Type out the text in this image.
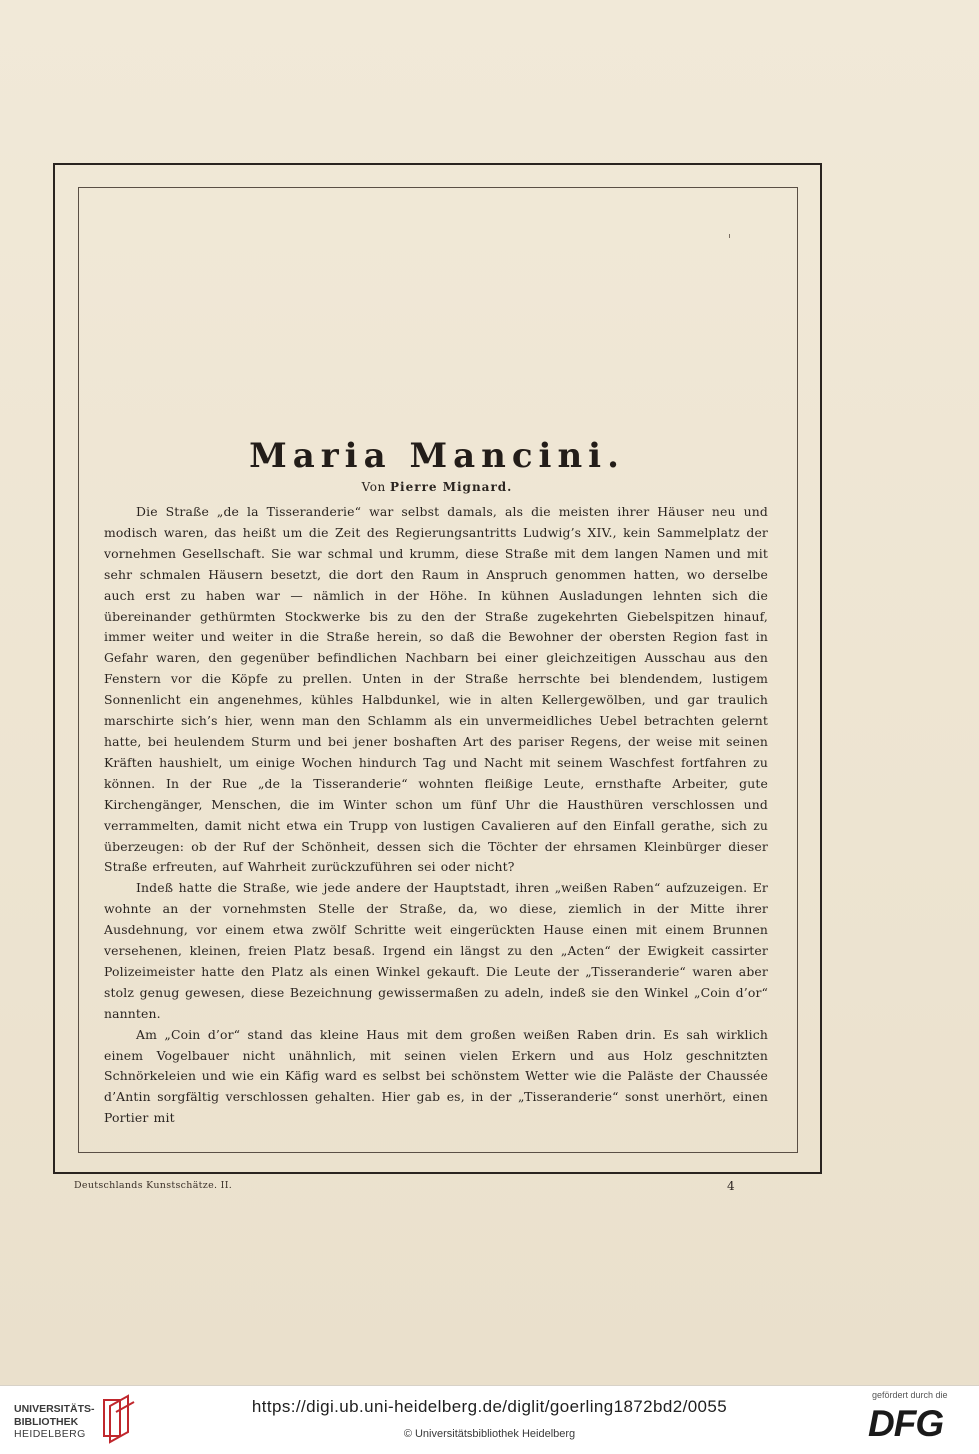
Maria Mancini.
Von Pierre Mignard.

Die Straße „de la Tisseranderie“ war selbst damals, als die meisten ihrer Häuser neu und modisch waren, das heißt um die Zeit des Regierungsantritts Ludwig’s XIV., kein Sammelplatz der vornehmen Gesellschaft. Sie war schmal und krumm, diese Straße mit dem langen Namen und mit sehr schmalen Häusern besetzt, die dort den Raum in Anspruch genommen hatten, wo derselbe auch erst zu haben war — nämlich in der Höhe. In kühnen Ausladungen lehnten sich die übereinander gethürmten Stockwerke bis zu den der Straße zugekehrten Giebelspitzen hinauf, immer weiter und weiter in die Straße herein, so daß die Bewohner der obersten Region fast in Gefahr waren, den gegenüber befindlichen Nachbarn bei einer gleichzeitigen Ausschau aus den Fenstern vor die Köpfe zu prellen. Unten in der Straße herrschte bei blendendem, lustigem Sonnenlicht ein angenehmes, kühles Halbdunkel, wie in alten Kellergewölben, und gar traulich marschirte sich’s hier, wenn man den Schlamm als ein unvermeidliches Uebel betrachten gelernt hatte, bei heulendem Sturm und bei jener boshaften Art des pariser Regens, der weise mit seinen Kräften haushielt, um einige Wochen hindurch Tag und Nacht mit seinem Waschfest fortfahren zu können. In der Rue „de la Tisseranderie“ wohnten fleißige Leute, ernsthafte Arbeiter, gute Kirchengänger, Menschen, die im Winter schon um fünf Uhr die Hausthüren verschlossen und verrammelten, damit nicht etwa ein Trupp von lustigen Cavalieren auf den Einfall gerathe, sich zu überzeugen: ob der Ruf der Schönheit, dessen sich die Töchter der ehrsamen Kleinbürger dieser Straße erfreuten, auf Wahrheit zurückzuführen sei oder nicht?

Indeß hatte die Straße, wie jede andere der Hauptstadt, ihren „weißen Raben“ aufzuzeigen. Er wohnte an der vornehmsten Stelle der Straße, da, wo diese, ziemlich in der Mitte ihrer Ausdehnung, vor einem etwa zwölf Schritte weit eingerückten Hause einen mit einem Brunnen versehenen, kleinen, freien Platz besaß. Irgend ein längst zu den „Acten“ der Ewigkeit cassirter Polizeimeister hatte den Platz als einen Winkel gekauft. Die Leute der „Tisseranderie“ waren aber stolz genug gewesen, diese Bezeichnung gewissermaßen zu adeln, indeß sie den Winkel „Coin d’or“ nannten.

Am „Coin d’or“ stand das kleine Haus mit dem großen weißen Raben drin. Es sah wirklich einem Vogelbauer nicht unähnlich, mit seinen vielen Erkern und aus Holz geschnitzten Schnörkeleien und wie ein Käfig ward es selbst bei schönstem Wetter wie die Paläste der Chaussée d’Antin sorgfältig verschlossen gehalten. Hier gab es, in der „Tisseranderie“ sonst unerhört, einen Portier mit

Deutschlands Kunstschätze. II.	4
UNIVERSITÄTS-
BIBLIOTHEK
HEIDELBERG
https://digi.ub.uni-heidelberg.de/diglit/goerling1872bd2/0055
© Universitätsbibliothek Heidelberg
gefördert durch die
DFG
